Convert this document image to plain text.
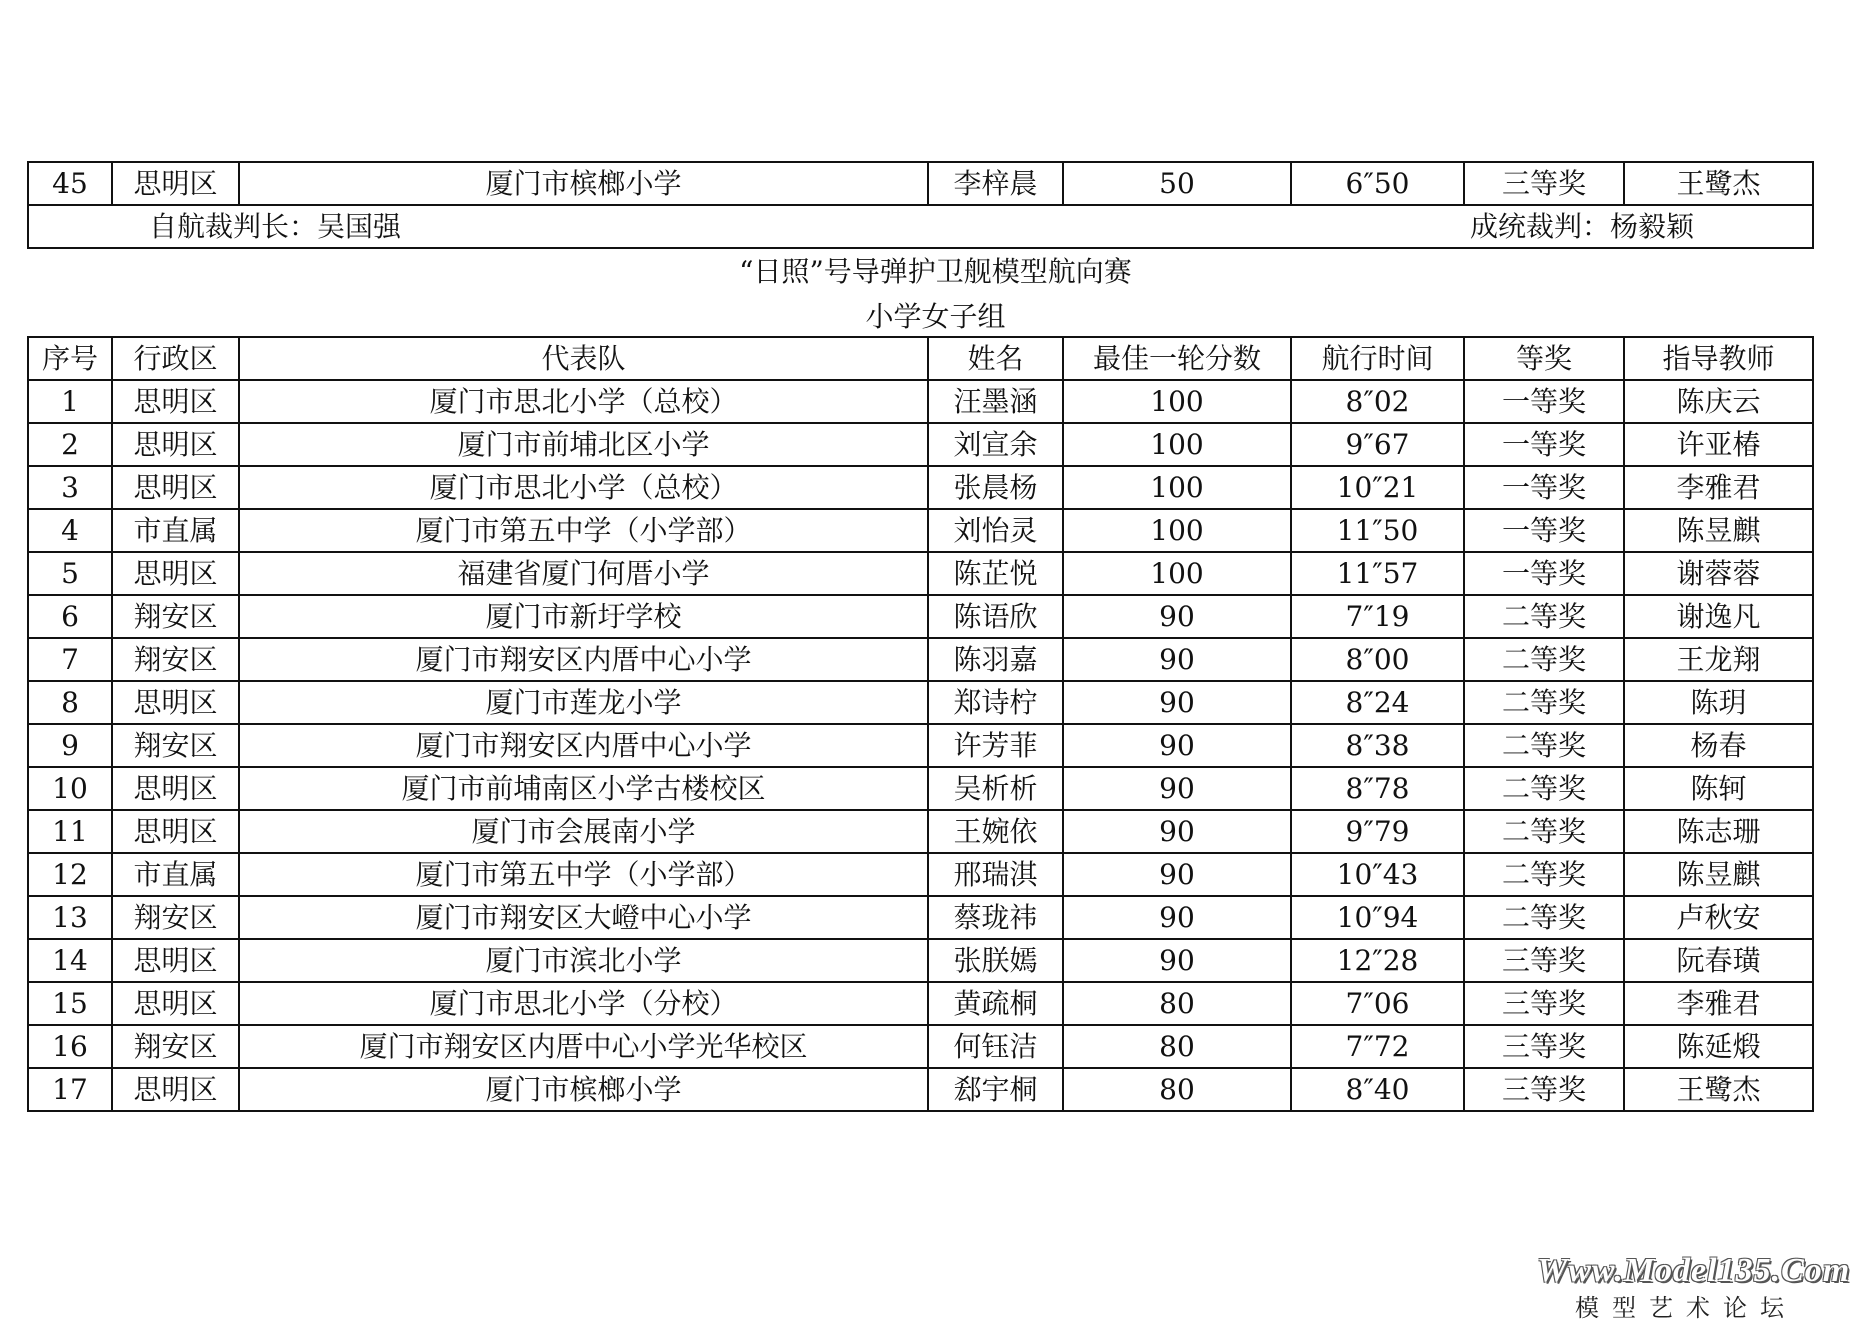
45	思明区	厦门市槟榔小学	李梓晨	50	6″50	三等奖	王鹭杰

自航裁判长：吴国强	成统裁判：杨毅颖
“日照”号导弹护卫舰模型航向赛
小学女子组
序号	行政区	代表队	姓名	最佳一轮分数	航行时间	等奖	指导教师
1	思明区	厦门市思北小学（总校）	汪墨涵	100	8″02	一等奖	陈庆云
2	思明区	厦门市前埔北区小学	刘宣余	100	9″67	一等奖	许亚椿
3	思明区	厦门市思北小学（总校）	张晨杨	100	10″21	一等奖	李雅君
4	市直属	厦门市第五中学（小学部）	刘怡灵	100	11″50	一等奖	陈昱麒
5	思明区	福建省厦门何厝小学	陈芷悦	100	11″57	一等奖	谢蓉蓉
6	翔安区	厦门市新圩学校	陈语欣	90	7″19	二等奖	谢逸凡
7	翔安区	厦门市翔安区内厝中心小学	陈羽嘉	90	8″00	二等奖	王龙翔
8	思明区	厦门市莲龙小学	郑诗柠	90	8″24	二等奖	陈玥
9	翔安区	厦门市翔安区内厝中心小学	许芳菲	90	8″38	二等奖	杨春
10	思明区	厦门市前埔南区小学古楼校区	吴析析	90	8″78	二等奖	陈轲
11	思明区	厦门市会展南小学	王婉依	90	9″79	二等奖	陈志珊
12	市直属	厦门市第五中学（小学部）	邢瑞淇	90	10″43	二等奖	陈昱麒
13	翔安区	厦门市翔安区大嶝中心小学	蔡珑祎	90	10″94	二等奖	卢秋安
14	思明区	厦门市滨北小学	张朕嫣	90	12″28	三等奖	阮春璜
15	思明区	厦门市思北小学（分校）	黄疏桐	80	7″06	三等奖	李雅君
16	翔安区	厦门市翔安区内厝中心小学光华校区	何钰洁	80	7″72	三等奖	陈延煅
17	思明区	厦门市槟榔小学	郄宇桐	80	8″40	三等奖	王鹭杰
Www.Model135.Com
模型艺术论坛
